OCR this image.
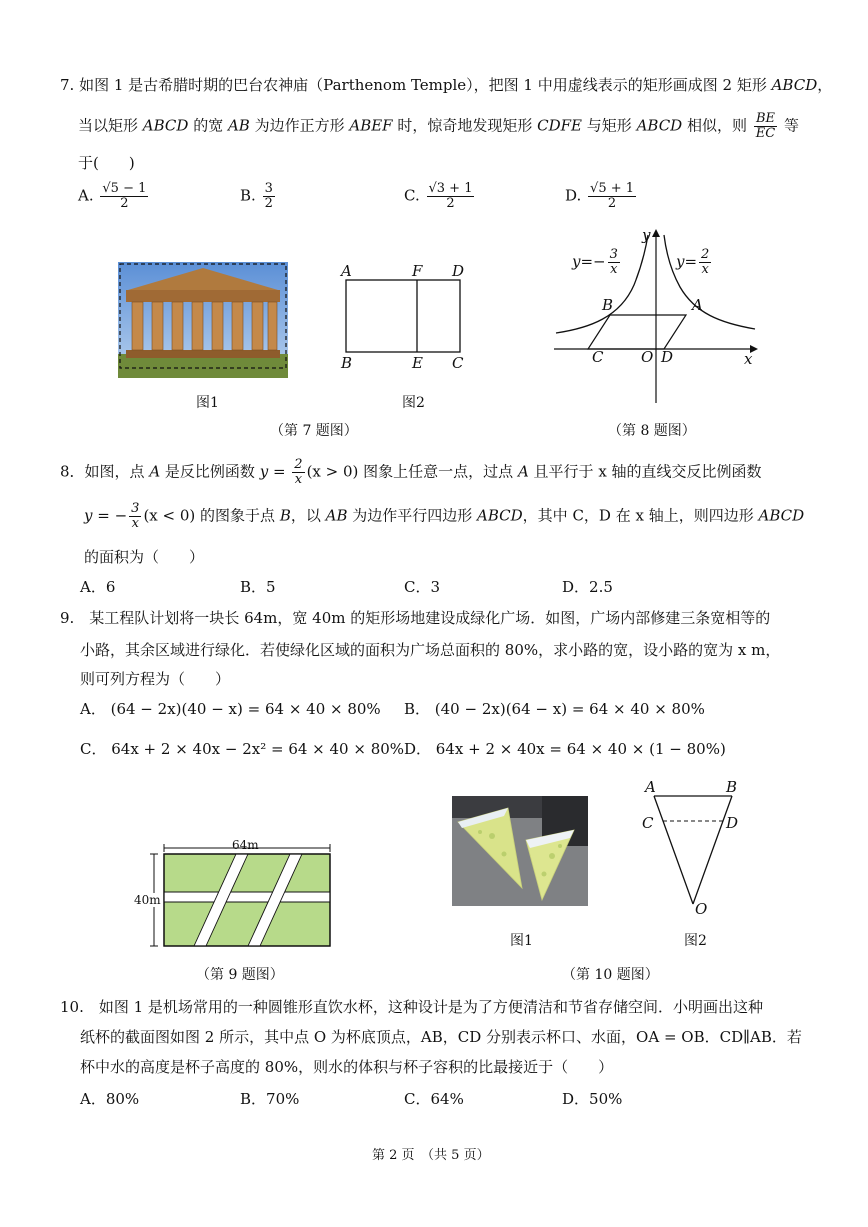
7. 如图 1 是古希腊时期的巴台农神庙（Parthenom Temple），把图 1 中用虚线表示的矩形画成图 2 矩形 ABCD，
当以矩形 ABCD 的宽 AB 为边作正方形 ABEF 时，惊奇地发现矩形 CDFE 与矩形 ABCD 相似，则 $\frac{BE}{EC}$ 等
于(　　)
A. $\frac{√5 - 1}{2}$	B. $\frac{3}{2}$	C. $\frac{√3 + 1}{2}$	D. $\frac{√5 + 1}{2}$
图1
A	F D
B	E C
图2
（第 7 题图）
y
$y=- \frac{3}{x}$	$y= \frac{2}{x}$
B	A
C	O D	x
（第 8 题图）
8．如图，点 A 是反比例函数 $y = \frac{2}{x} (x > 0)$ 图象上任意一点，过点 A 且平行于 x 轴的直线交反比例函数
y = − $\frac{3}{x} (x < 0)$ 的图象于点 B，以 AB 为边作平行四边形 ABCD，其中 C，D 在 x 轴上，则四边形 ABCD
的面积为（　　）
A．6	B．5	C．3	D．2.5
9.　某工程队计划将一块长 64m，宽 40m 的矩形场地建设成绿化广场．如图，广场内部修建三条宽相等的
小路，其余区域进行绿化．若使绿化区域的面积为广场总面积的 80%，求小路的宽，设小路的宽为 x m，
则可列方程为（　　）
A． (64 − 2x)(40 − x) = 64 × 40 × 80% B． (40 − 2x)(64 − x) = 64 × 40 × 80%
C． 64x + 2 × 40x − 2x² = 64 × 40 × 80% D． 64x + 2 × 40x = 64 × 40 × (1 − 80%)
64m
40m
（第 9 题图）
图1
A	B
C	D
O
图2
（第 10 题图）
10.　如图 1 是机场常用的一种圆锥形直饮水杯，这种设计是为了方便清洁和节省存储空间．小明画出这种
纸杯的截面图如图 2 所示，其中点 O 为杯底顶点，AB，CD 分别表示杯口、水面，OA = OB．CD∥AB．若
杯中水的高度是杯子高度的 80%，则水的体积与杯子容积的比最接近于（　　）
A．80%	B．70%	C．64%	D．50%
第 2 页　（共 5 页）
